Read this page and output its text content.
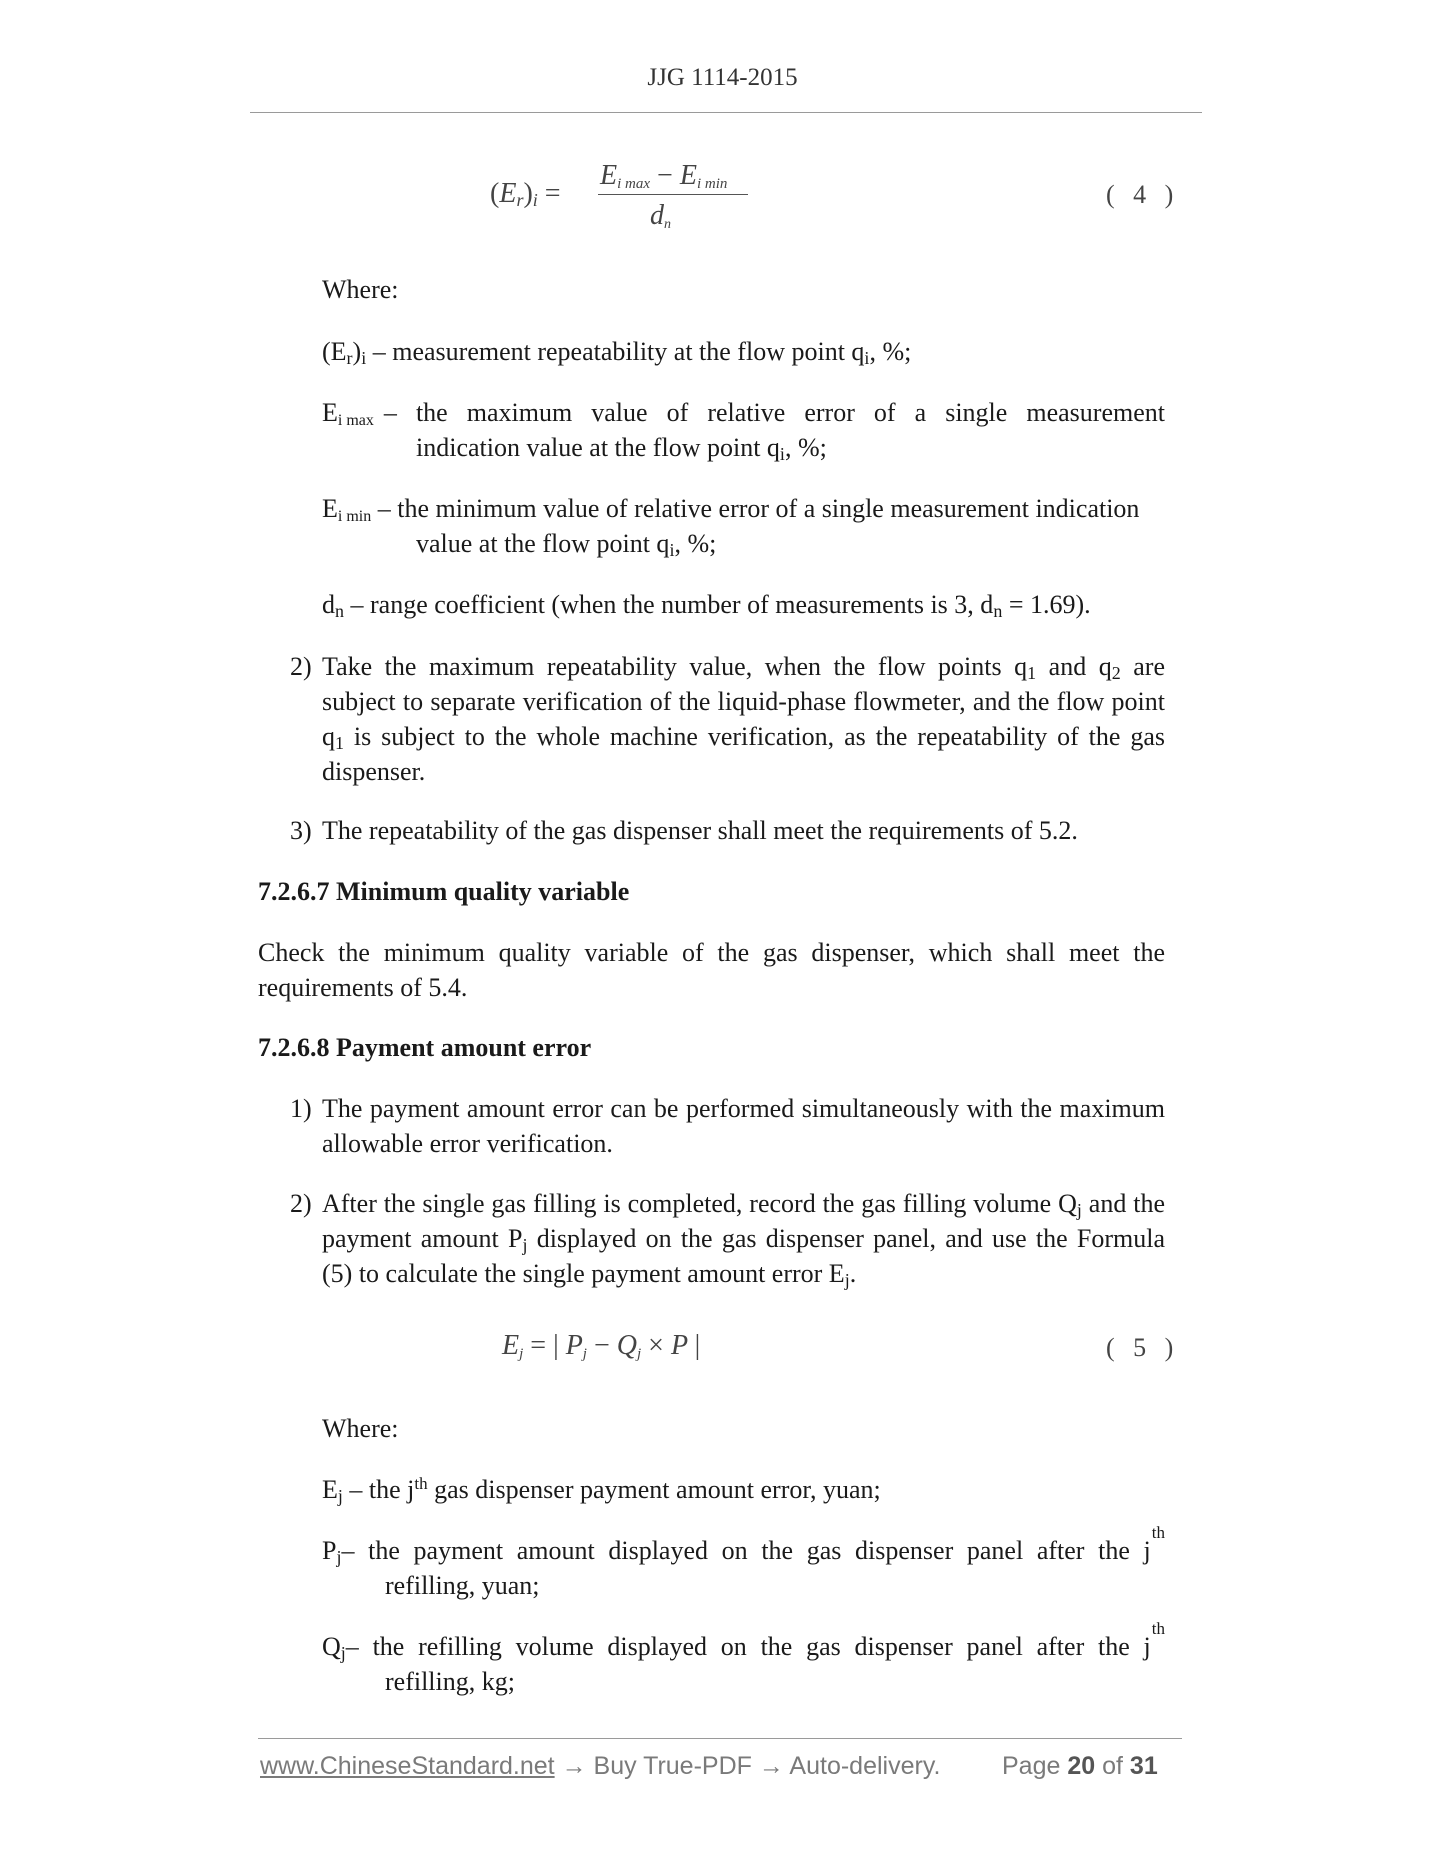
JJG 1114-2015
$(E_r)_i$ =
$E_{i max} - E_{i min}$
$d_n$
( 4 )
Where:
$(E_r)_i$ – measurement repeatability at the flow point $q_i$, %;
$E_{i max}$ – the maximum value of relative error of a single measurement
indication value at the flow point $q_i$, %;
$E_{i min}$ – the minimum value of relative error of a single measurement indication
value at the flow point $q_i$, %;
$d_n$ – range coefficient (when the number of measurements is 3, $d_n = 1.69$).
2) Take the maximum repeatability value, when the flow points $q_1$ and $q_2$ are subject to separate verification of the liquid-phase flowmeter, and the flow point $q_1$ is subject to the whole machine verification, as the repeatability of the gas dispenser.
3) The repeatability of the gas dispenser shall meet the requirements of 5.2.
7.2.6.7 Minimum quality variable
Check the minimum quality variable of the gas dispenser, which shall meet the requirements of 5.4.
7.2.6.8 Payment amount error
1) The payment amount error can be performed simultaneously with the maximum allowable error verification.
2) After the single gas filling is completed, record the gas filling volume $Q_j$ and the payment amount $P_j$ displayed on the gas dispenser panel, and use the Formula (5) to calculate the single payment amount error $E_j$.
$E_j$ = | $P_j - Q_j \times P$ |	( 5 )
Where:
$E_j$ – the $j^{th}$ gas dispenser payment amount error, yuan;
$P_j$ – the payment amount displayed on the gas dispenser panel after the j
th
refilling, yuan;
$Q_j$ – the refilling volume displayed on the gas dispenser panel after the j
th
refilling, kg;
www.ChineseStandard.net → Buy True-PDF → Auto-delivery. Page 20 of 31
